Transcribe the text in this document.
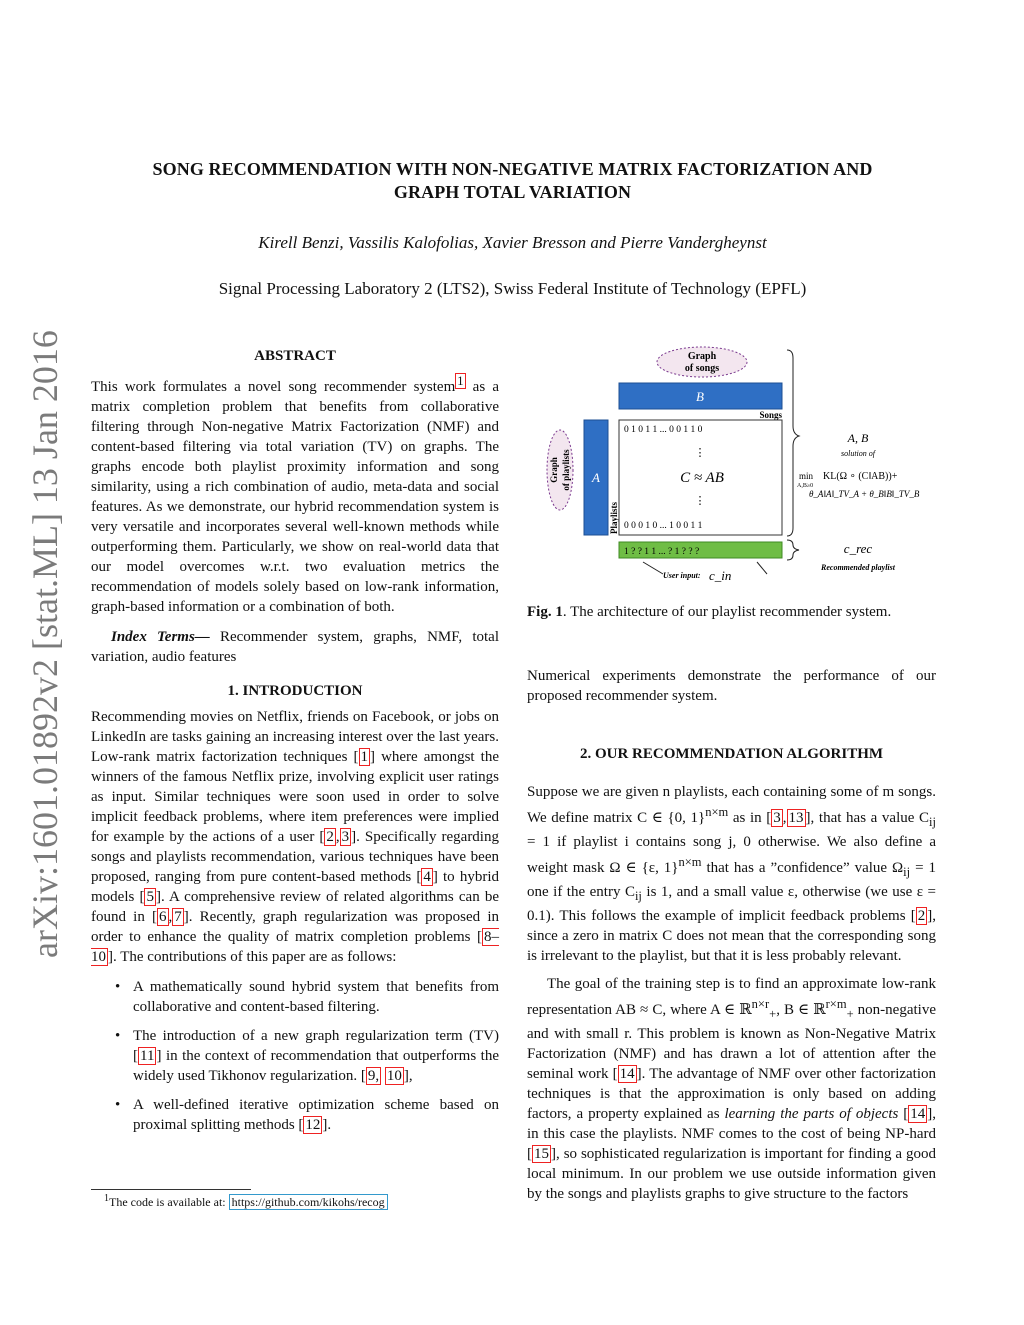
arXiv:1601.01892v2 [stat.ML] 13 Jan 2016
SONG RECOMMENDATION WITH NON-NEGATIVE MATRIX FACTORIZATION AND
GRAPH TOTAL VARIATION
Kirell Benzi, Vassilis Kalofolias, Xavier Bresson and Pierre Vandergheynst
Signal Processing Laboratory 2 (LTS2), Swiss Federal Institute of Technology (EPFL)
ABSTRACT

This work formulates a novel song recommender system $^1$ as a matrix completion problem that benefits from collaborative filtering through Non-negative Matrix Factorization (NMF) and content-based filtering via total variation (TV) on graphs. The graphs encode both playlist proximity information and song similarity, using a rich combination of audio, meta-data and social features. As we demonstrate, our hybrid recommendation system is very versatile and incorporates several well-known methods while outperforming them. Particularly, we show on real-world data that our model overcomes w.r.t. two evaluation metrics the recommendation of models solely based on low-rank information, graph-based information or a combination of both.

Index Terms— Recommender system, graphs, NMF, total variation, audio features

1. INTRODUCTION

Recommending movies on Netflix, friends on Facebook, or jobs on LinkedIn are tasks gaining an increasing interest over the last years. Low-rank matrix factorization techniques [ 1 ] where amongst the winners of the famous Netflix prize, involving explicit user ratings as input. Similar techniques were soon used in order to solve implicit feedback problems, where item preferences were implied for example by the actions of a user [ 2 , 3 ]. Specifically regarding songs and playlists recommendation, various techniques have been proposed, ranging from pure content-based methods [ 4 ] to hybrid models [ 5 ]. A comprehensive review of related algorithms can be found in [ 6 , 7 ]. Recently, graph regularization was proposed in order to enhance the quality of matrix completion problems [ 8–10 ]. The contributions of this paper are as follows:

• A mathematically sound hybrid system that benefits from collaborative and content-based filtering.
• The introduction of a new graph regularization term (TV) [ 11 ] in the context of recommendation that outperforms the widely used Tikhonov regularization. [ 9, 10 ],
• A well-defined iterative optimization scheme based on proximal splitting methods [ 12 ].
$^1$The code is available at: https://github.com/kikohs/recog
Graph
of songs
B
Songs
Graph of playlists A
Playlists
0 1 0 1 1 ... 0 0 1 1 0
⋮
C ≈ AB
⋮
0 0 0 1 0 ... 1 0 0 1 1
1 ? ? 1 1 ... ? 1 ? ? ?
User input: c_in
A, B
solution of
min
A,B≥0
KL(Ω ∘ (C‖AB))+
θ_A‖A‖_TV_A + θ_B‖B‖_TV_B
c_rec
Recommended playlist
Fig. 1. The architecture of our playlist recommender system.

Numerical experiments demonstrate the performance of our proposed recommender system.

2. OUR RECOMMENDATION ALGORITHM

Suppose we are given n playlists, each containing some of m songs. We define matrix C ∈ {0, 1}$^{n\times m}$ as in [ 3 , 13 ], that has a value $C_{ij} = 1$ if playlist i contains song j, 0 otherwise. We also define a weight mask Ω ∈ {ε, 1}$^{n\times m}$ that has a ”confidence” value $\Omega_{ij} = 1$ one if the entry $C_{ij}$ is 1, and a small value ε, otherwise (we use ε = 0.1). This follows the example of implicit feedback problems [ 2 ], since a zero in matrix C does not mean that the corresponding song is irrelevant to the playlist, but that it is less probably relevant.

The goal of the training step is to find an approximate low-rank representation AB ≈ C, where A ∈ ℝ$^{n\times r}_+$, B ∈ ℝ$^{r\times m}_+$ non-negative and with small r. This problem is known as Non-Negative Matrix Factorization (NMF) and has drawn a lot of attention after the seminal work [ 14 ]. The advantage of NMF over other factorization techniques is that the approximation is only based on adding factors, a property explained as learning the parts of objects [ 14 ], in this case the playlists. NMF comes to the cost of being NP-hard [ 15 ], so sophisticated regularization is important for finding a good local minimum. In our problem we use outside information given by the songs and playlists graphs to give structure to the factors
